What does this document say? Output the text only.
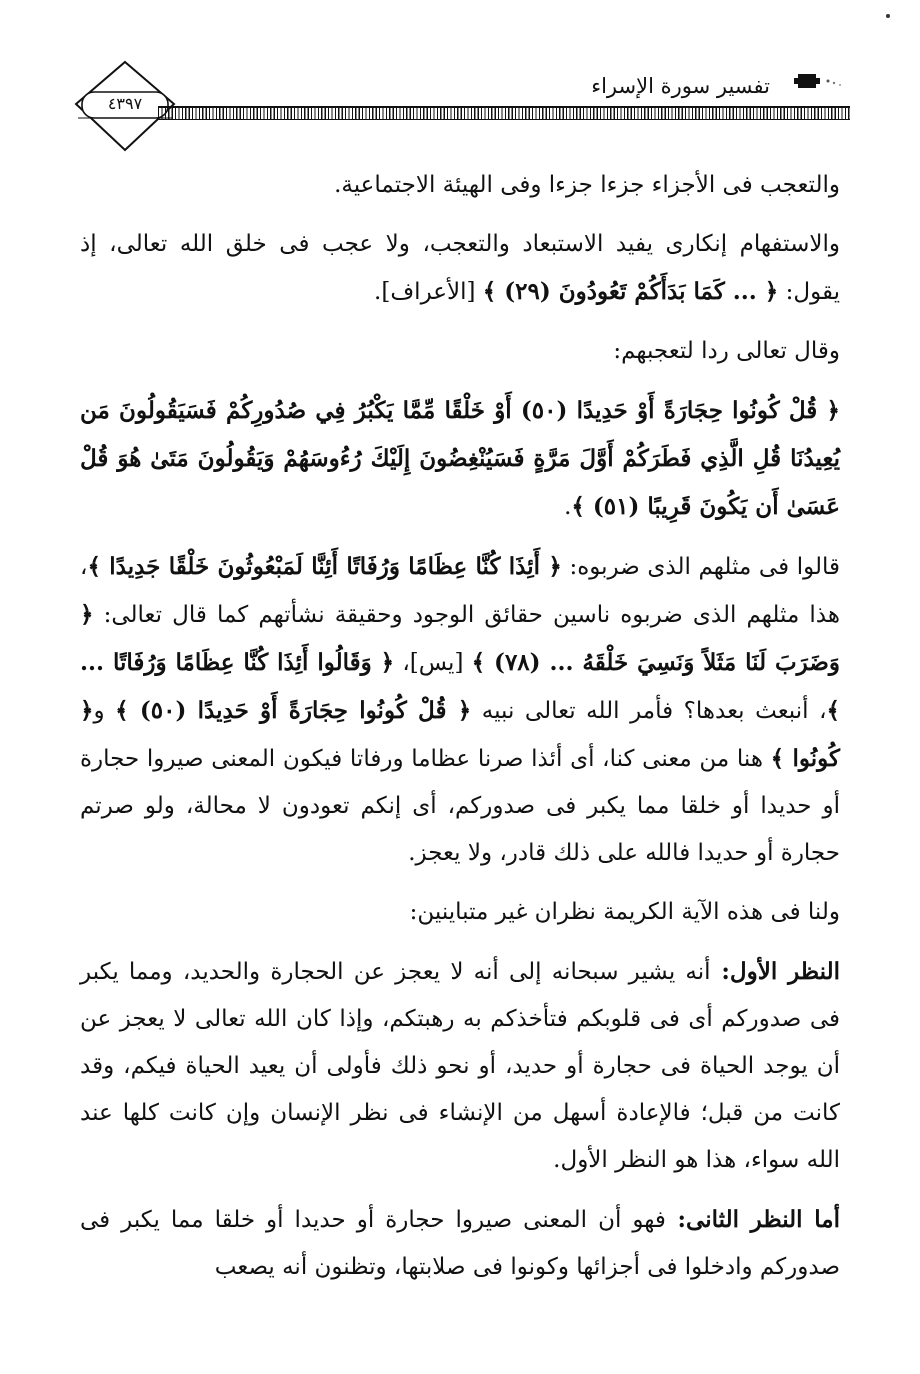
٤٣٩٧
تفسير سورة الإسراء

والتعجب فى الأجزاء جزءا جزءا وفى الهيئة الاجتماعية.

والاستفهام إنكارى يفيد الاستبعاد والتعجب، ولا عجب فى خلق الله تعالى، إذ يقول: ﴿ ... كَمَا بَدَأَكُمْ تَعُودُونَ (٢٩) ﴾ [الأعراف].

وقال تعالى ردا لتعجبهم:

﴿ قُلْ كُونُوا حِجَارَةً أَوْ حَدِيدًا (٥٠) أَوْ خَلْقًا مِّمَّا يَكْبُرُ فِي صُدُورِكُمْ فَسَيَقُولُونَ مَن يُعِيدُنَا قُلِ الَّذِي فَطَرَكُمْ أَوَّلَ مَرَّةٍ فَسَيُنْغِضُونَ إِلَيْكَ رُءُوسَهُمْ وَيَقُولُونَ مَتَىٰ هُوَ قُلْ عَسَىٰ أَن يَكُونَ قَرِيبًا (٥١) ﴾.

قالوا فى مثلهم الذى ضربوه: ﴿ أَئِذَا كُنَّا عِظَامًا وَرُفَاتًا أَئِنَّا لَمَبْعُوثُونَ خَلْقًا جَدِيدًا ﴾، هذا مثلهم الذى ضربوه ناسين حقائق الوجود وحقيقة نشأتهم كما قال تعالى: ﴿ وَضَرَبَ لَنَا مَثَلاً وَنَسِيَ خَلْقَهُ ... (٧٨) ﴾ [يس]، ﴿ وَقَالُوا أَئِذَا كُنَّا عِظَامًا وَرُفَاتًا ... ﴾، أنبعث بعدها؟ فأمر الله تعالى نبيه ﴿ قُلْ كُونُوا حِجَارَةً أَوْ حَدِيدًا (٥٠) ﴾ و﴿ كُونُوا ﴾ هنا من معنى كنا، أى أئذا صرنا عظاما ورفاتا فيكون المعنى صيروا حجارة أو حديدا أو خلقا مما يكبر فى صدوركم، أى إنكم تعودون لا محالة، ولو صرتم حجارة أو حديدا فالله على ذلك قادر، ولا يعجز.

ولنا فى هذه الآية الكريمة نظران غير متباينين:

النظر الأول: أنه يشير سبحانه إلى أنه لا يعجز عن الحجارة والحديد، ومما يكبر فى صدوركم أى فى قلوبكم فتأخذكم به رهبتكم، وإذا كان الله تعالى لا يعجز عن أن يوجد الحياة فى حجارة أو حديد، أو نحو ذلك فأولى أن يعيد الحياة فيكم، وقد كانت من قبل؛ فالإعادة أسهل من الإنشاء فى نظر الإنسان وإن كانت كلها عند الله سواء، هذا هو النظر الأول.

أما النظر الثانى: فهو أن المعنى صيروا حجارة أو حديدا أو خلقا مما يكبر فى صدوركم وادخلوا فى أجزائها وكونوا فى صلابتها، وتظنون أنه يصعب
